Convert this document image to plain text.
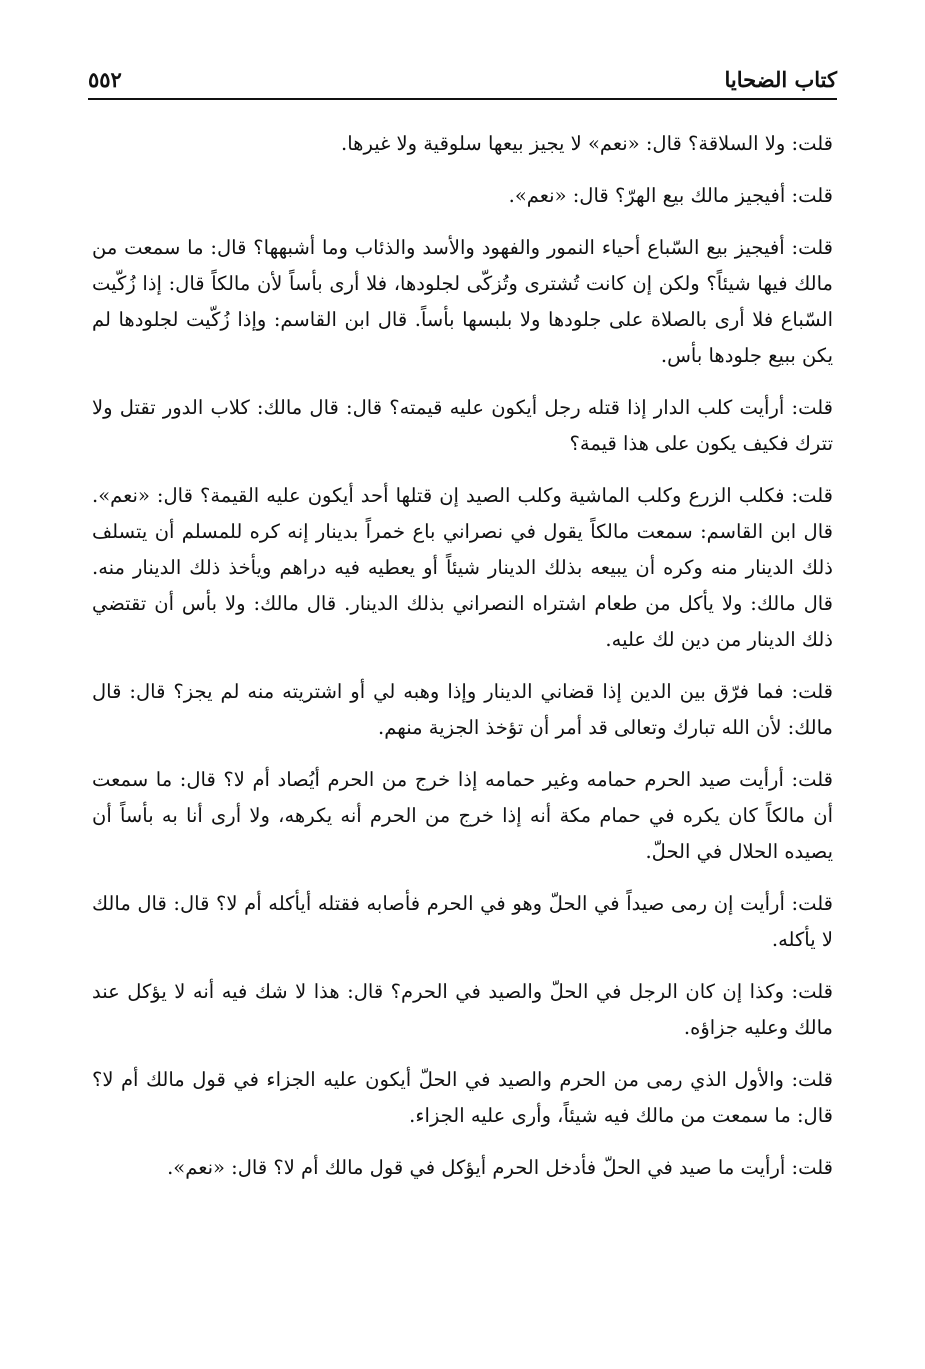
كتاب الضحايا
٥٥٢

قلت: ولا السلاقة؟ قال: «نعم» لا يجيز بيعها سلوقية ولا غيرها.

قلت: أفيجيز مالك بيع الهرّ؟ قال: «نعم».

قلت: أفيجيز بيع السّباع أحياء النمور والفهود والأسد والذئاب وما أشبهها؟ قال: ما سمعت من مالك فيها شيئاً؟ ولكن إن كانت تُشترى وتُزكّى لجلودها، فلا أرى بأساً لأن مالكاً قال: إذا زُكّيت السّباع فلا أرى بالصلاة على جلودها ولا بلبسها بأساً. قال ابن القاسم: وإذا زُكّيت لجلودها لم يكن ببيع جلودها بأس.

قلت: أرأيت كلب الدار إذا قتله رجل أيكون عليه قيمته؟ قال: قال مالك: كلاب الدور تقتل ولا تترك فكيف يكون على هذا قيمة؟

قلت: فكلب الزرع وكلب الماشية وكلب الصيد إن قتلها أحد أيكون عليه القيمة؟ قال: «نعم». قال ابن القاسم: سمعت مالكاً يقول في نصراني باع خمراً بدينار إنه كره للمسلم أن يتسلف ذلك الدينار منه وكره أن يبيعه بذلك الدينار شيئاً أو يعطيه فيه دراهم ويأخذ ذلك الدينار منه. قال مالك: ولا يأكل من طعام اشتراه النصراني بذلك الدينار. قال مالك: ولا بأس أن تقتضي ذلك الدينار من دين لك عليه.

قلت: فما فرّق بين الدين إذا قضاني الدينار وإذا وهبه لي أو اشتريته منه لم يجز؟ قال: قال مالك: لأن الله تبارك وتعالى قد أمر أن تؤخذ الجزية منهم.

قلت: أرأيت صيد الحرم حمامه وغير حمامه إذا خرج من الحرم أيُصاد أم لا؟ قال: ما سمعت أن مالكاً كان يكره في حمام مكة أنه إذا خرج من الحرم أنه يكرهه، ولا أرى أنا به بأساً أن يصيده الحلال في الحلّ.

قلت: أرأيت إن رمى صيداً في الحلّ وهو في الحرم فأصابه فقتله أيأكله أم لا؟ قال: قال مالك لا يأكله.

قلت: وكذا إن كان الرجل في الحلّ والصيد في الحرم؟ قال: هذا لا شك فيه أنه لا يؤكل عند مالك وعليه جزاؤه.

قلت: والأول الذي رمى من الحرم والصيد في الحلّ أيكون عليه الجزاء في قول مالك أم لا؟ قال: ما سمعت من مالك فيه شيئاً، وأرى عليه الجزاء.

قلت: أرأيت ما صيد في الحلّ فأدخل الحرم أيؤكل في قول مالك أم لا؟ قال: «نعم».
